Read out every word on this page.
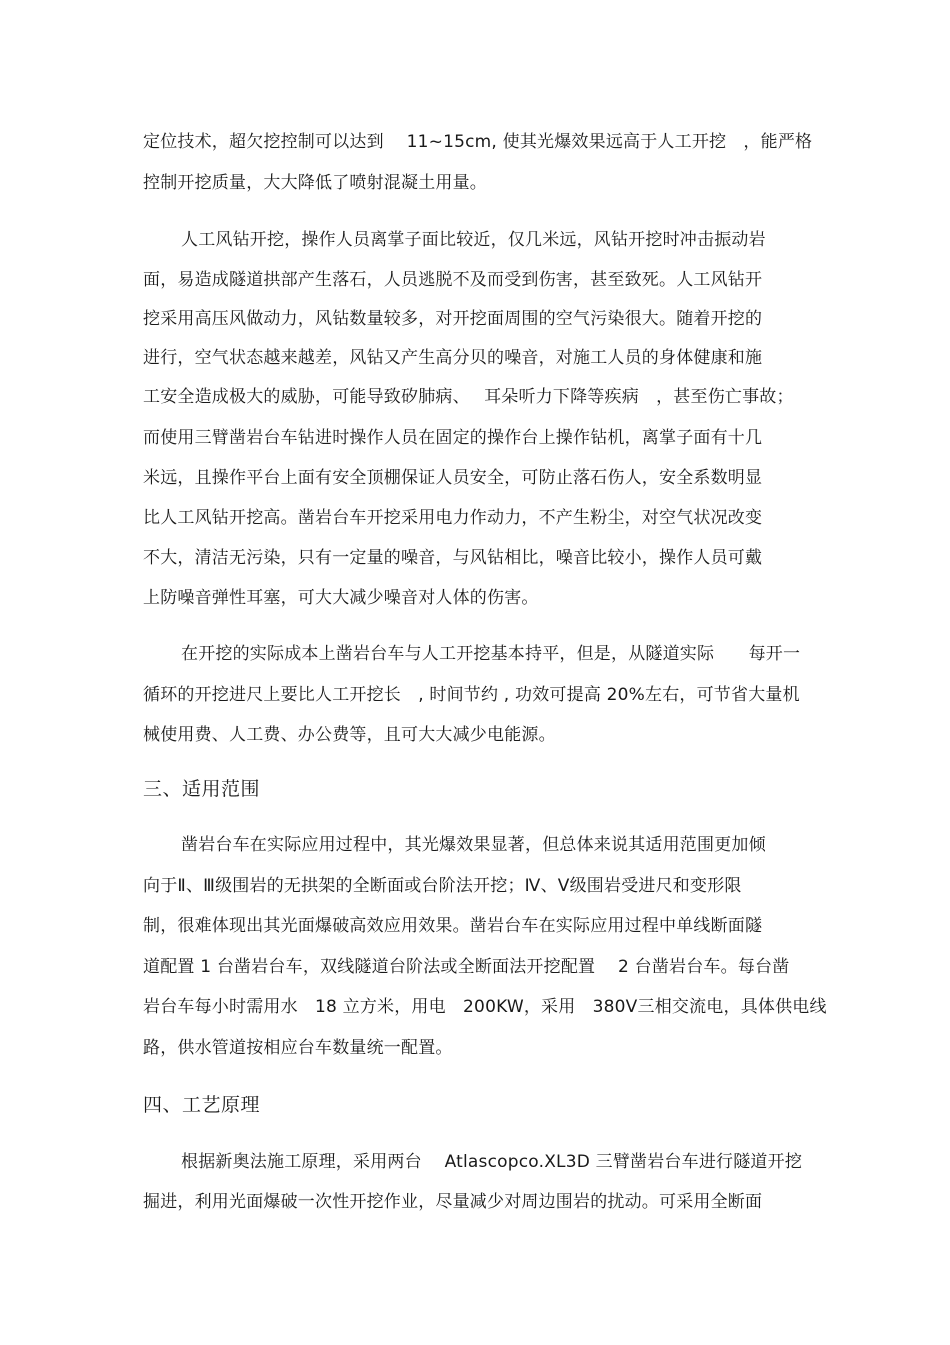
定位技术，超欠挖控制可以达到　 11~15cm, 使其光爆效果远高于人工开挖　，能严格
控制开挖质量，大大降低了喷射混凝土用量。
人工风钻开挖，操作人员离掌子面比较近，仅几米远，风钻开挖时冲击振动岩
面，易造成隧道拱部产生落石，人员逃脱不及而受到伤害，甚至致死。人工风钻开
挖采用高压风做动力，风钻数量较多，对开挖面周围的空气污染很大。随着开挖的
进行，空气状态越来越差，风钻又产生高分贝的噪音，对施工人员的身体健康和施
工安全造成极大的威胁，可能导致矽肺病、　 耳朵听力下降等疾病　，甚至伤亡事故；
而使用三臂凿岩台车钻进时操作人员在固定的操作台上操作钻机，离掌子面有十几
米远，且操作平台上面有安全顶棚保证人员安全，可防止落石伤人，安全系数明显
比人工风钻开挖高。凿岩台车开挖采用电力作动力，不产生粉尘，对空气状况改变
不大，清洁无污染，只有一定量的噪音，与风钻相比，噪音比较小，操作人员可戴
上防噪音弹性耳塞，可大大减少噪音对人体的伤害。
在开挖的实际成本上凿岩台车与人工开挖基本持平，但是，从隧道实际　　每开一
循环的开挖进尺上要比人工开挖长　, 时间节约 , 功效可提高 20%左右，可节省大量机
械使用费、人工费、办公费等，且可大大减少电能源。
三、适用范围
凿岩台车在实际应用过程中，其光爆效果显著，但总体来说其适用范围更加倾
向于Ⅱ、Ⅲ级围岩的无拱架的全断面或台阶法开挖；Ⅳ、Ⅴ级围岩受进尺和变形限
制，很难体现出其光面爆破高效应用效果。凿岩台车在实际应用过程中单线断面隧
道配置 1 台凿岩台车，双线隧道台阶法或全断面法开挖配置　 2 台凿岩台车。每台凿
岩台车每小时需用水　18 立方米，用电　200KW，采用　380V三相交流电，具体供电线
路，供水管道按相应台车数量统一配置。
四、工艺原理
根据新奥法施工原理，采用两台　 Atlascopco.XL3D 三臂凿岩台车进行隧道开挖
掘进，利用光面爆破一次性开挖作业，尽量减少对周边围岩的扰动。可采用全断面
